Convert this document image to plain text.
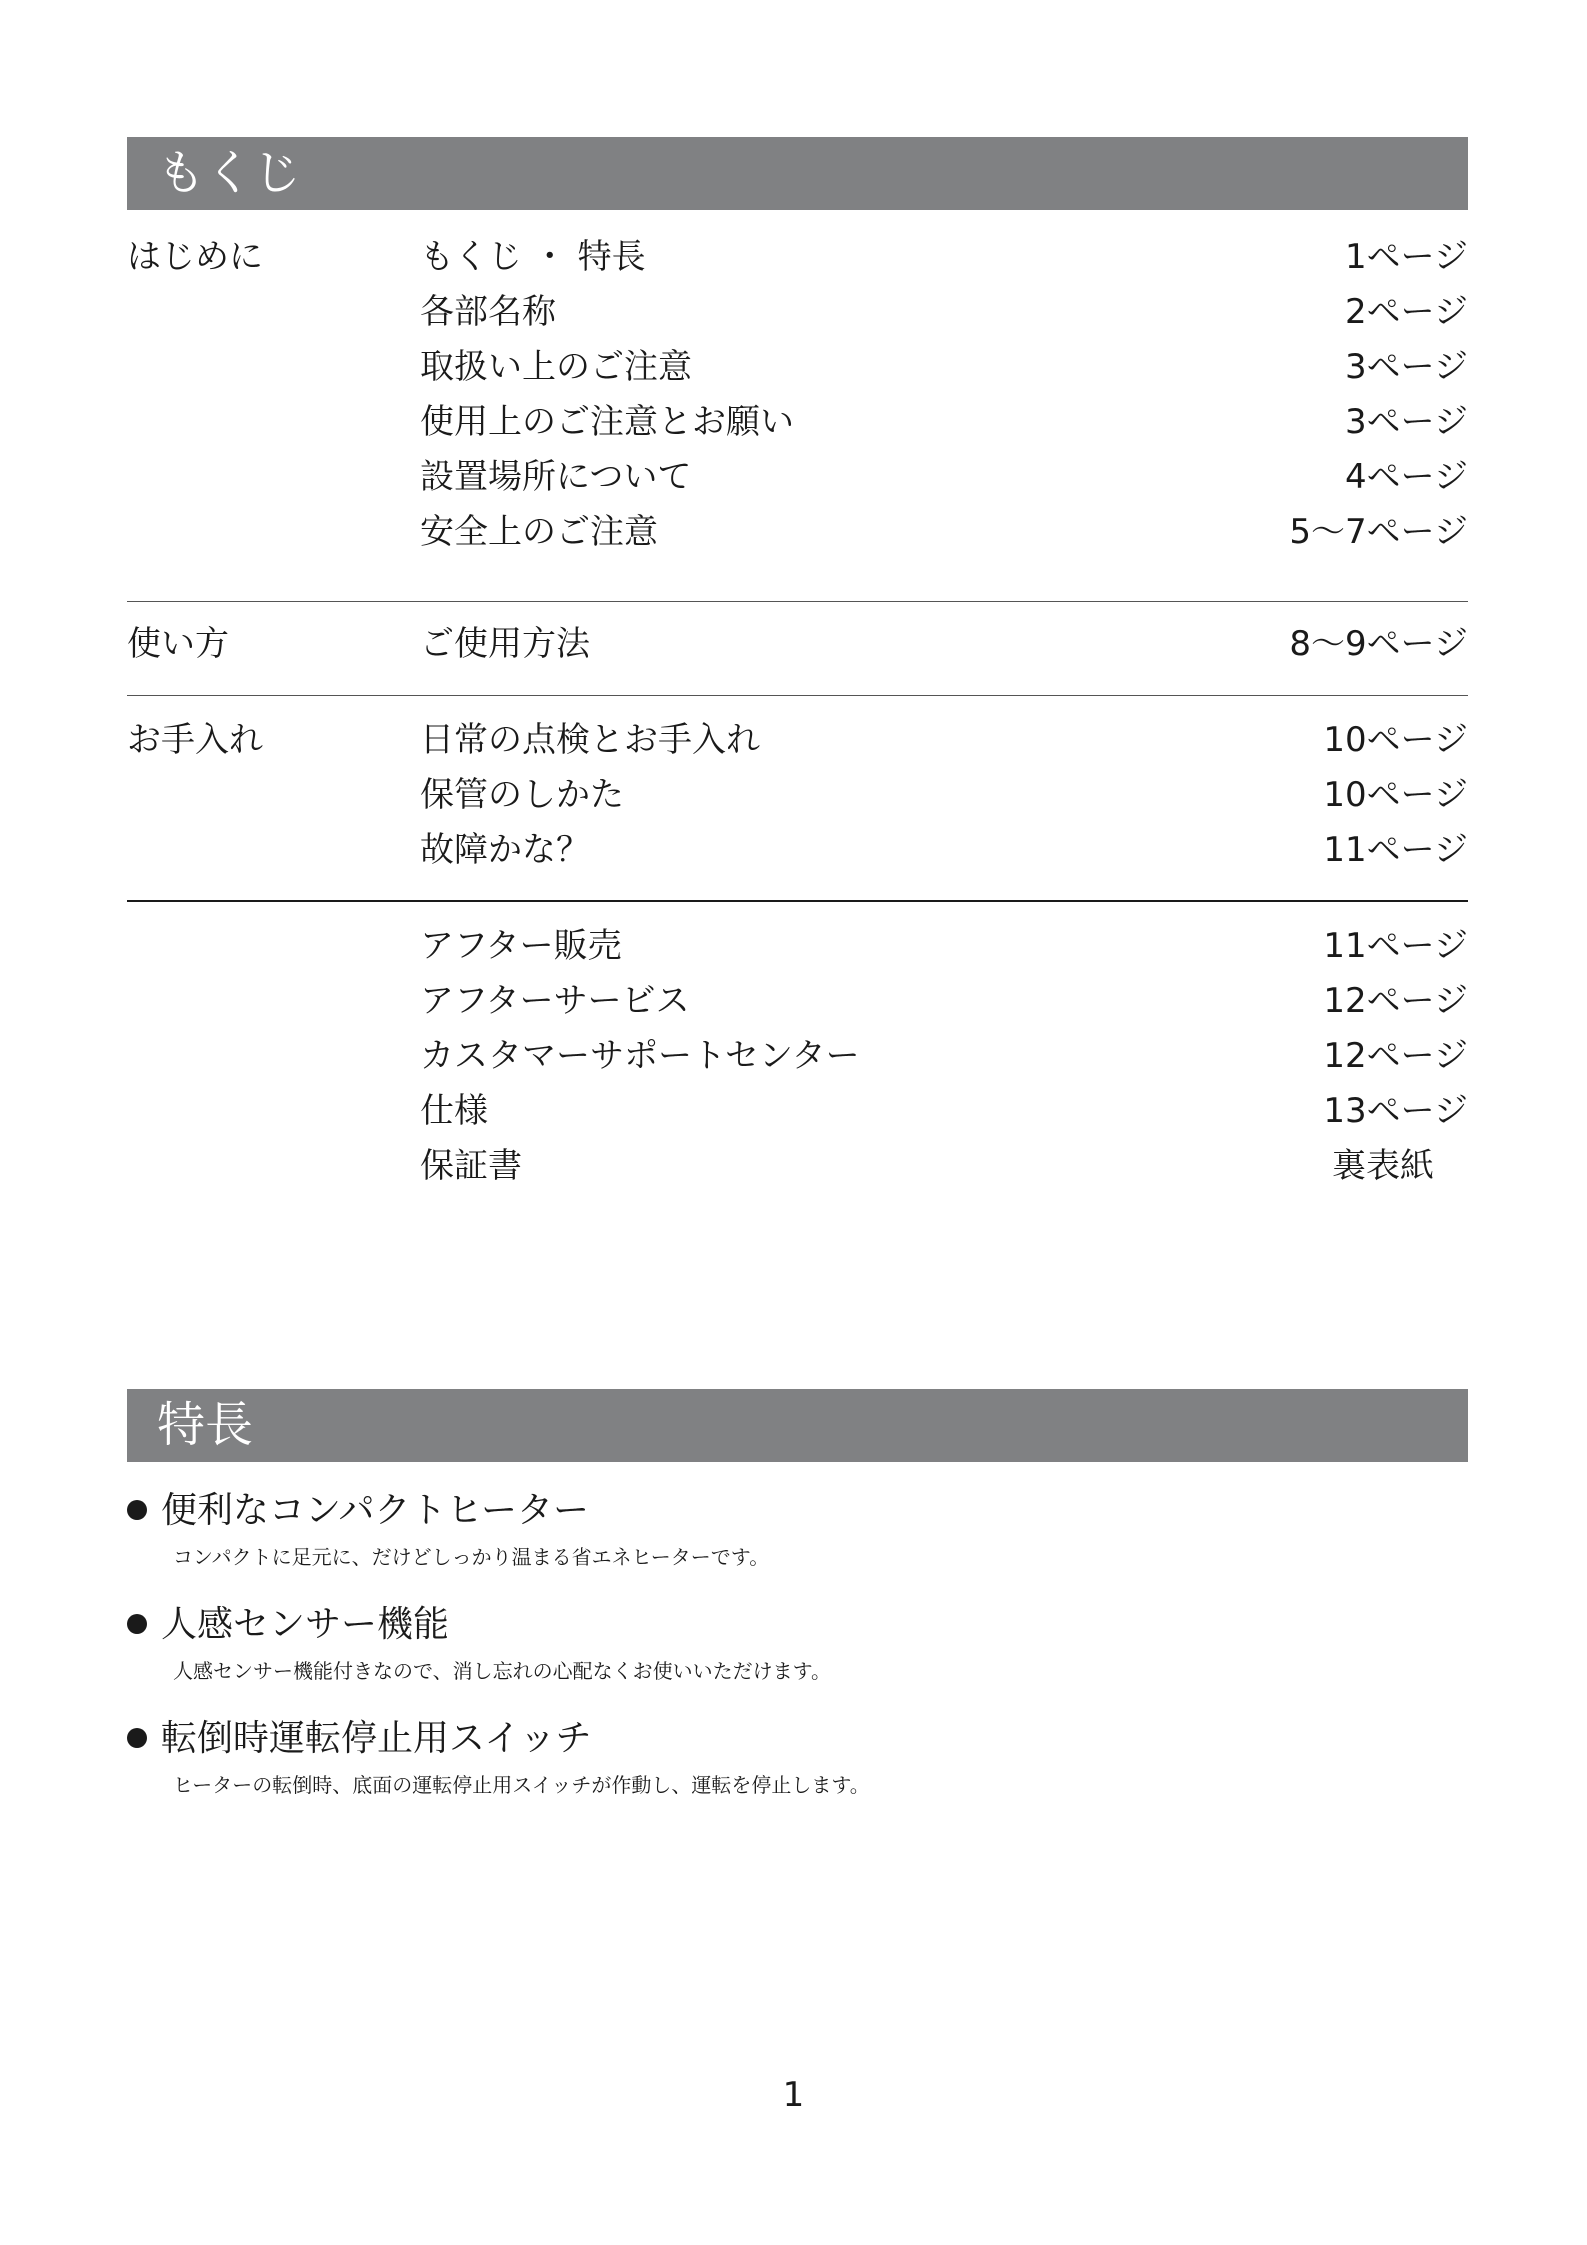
もくじ
はじめに	もくじ ・ 特長	1ページ
各部名称	2ページ
取扱い上のご注意	3ページ
使用上のご注意とお願い	3ページ
設置場所について	4ページ
安全上のご注意	5～7ページ
使い方	ご使用方法	8～9ページ
お手入れ	日常の点検とお手入れ	10ページ
保管のしかた	10ページ
故障かな？	11ページ
アフター販売	11ページ
アフターサービス	12ページ
カスタマーサポートセンター	12ページ
仕様	13ページ
保証書	裏表紙
特長
便利なコンパクトヒーター
コンパクトに足元に、だけどしっかり温まる省エネヒーターです。
人感センサー機能
人感センサー機能付きなので、消し忘れの心配なくお使いいただけます。
転倒時運転停止用スイッチ
ヒーターの転倒時、底面の運転停止用スイッチが作動し、運転を停止します。
1
